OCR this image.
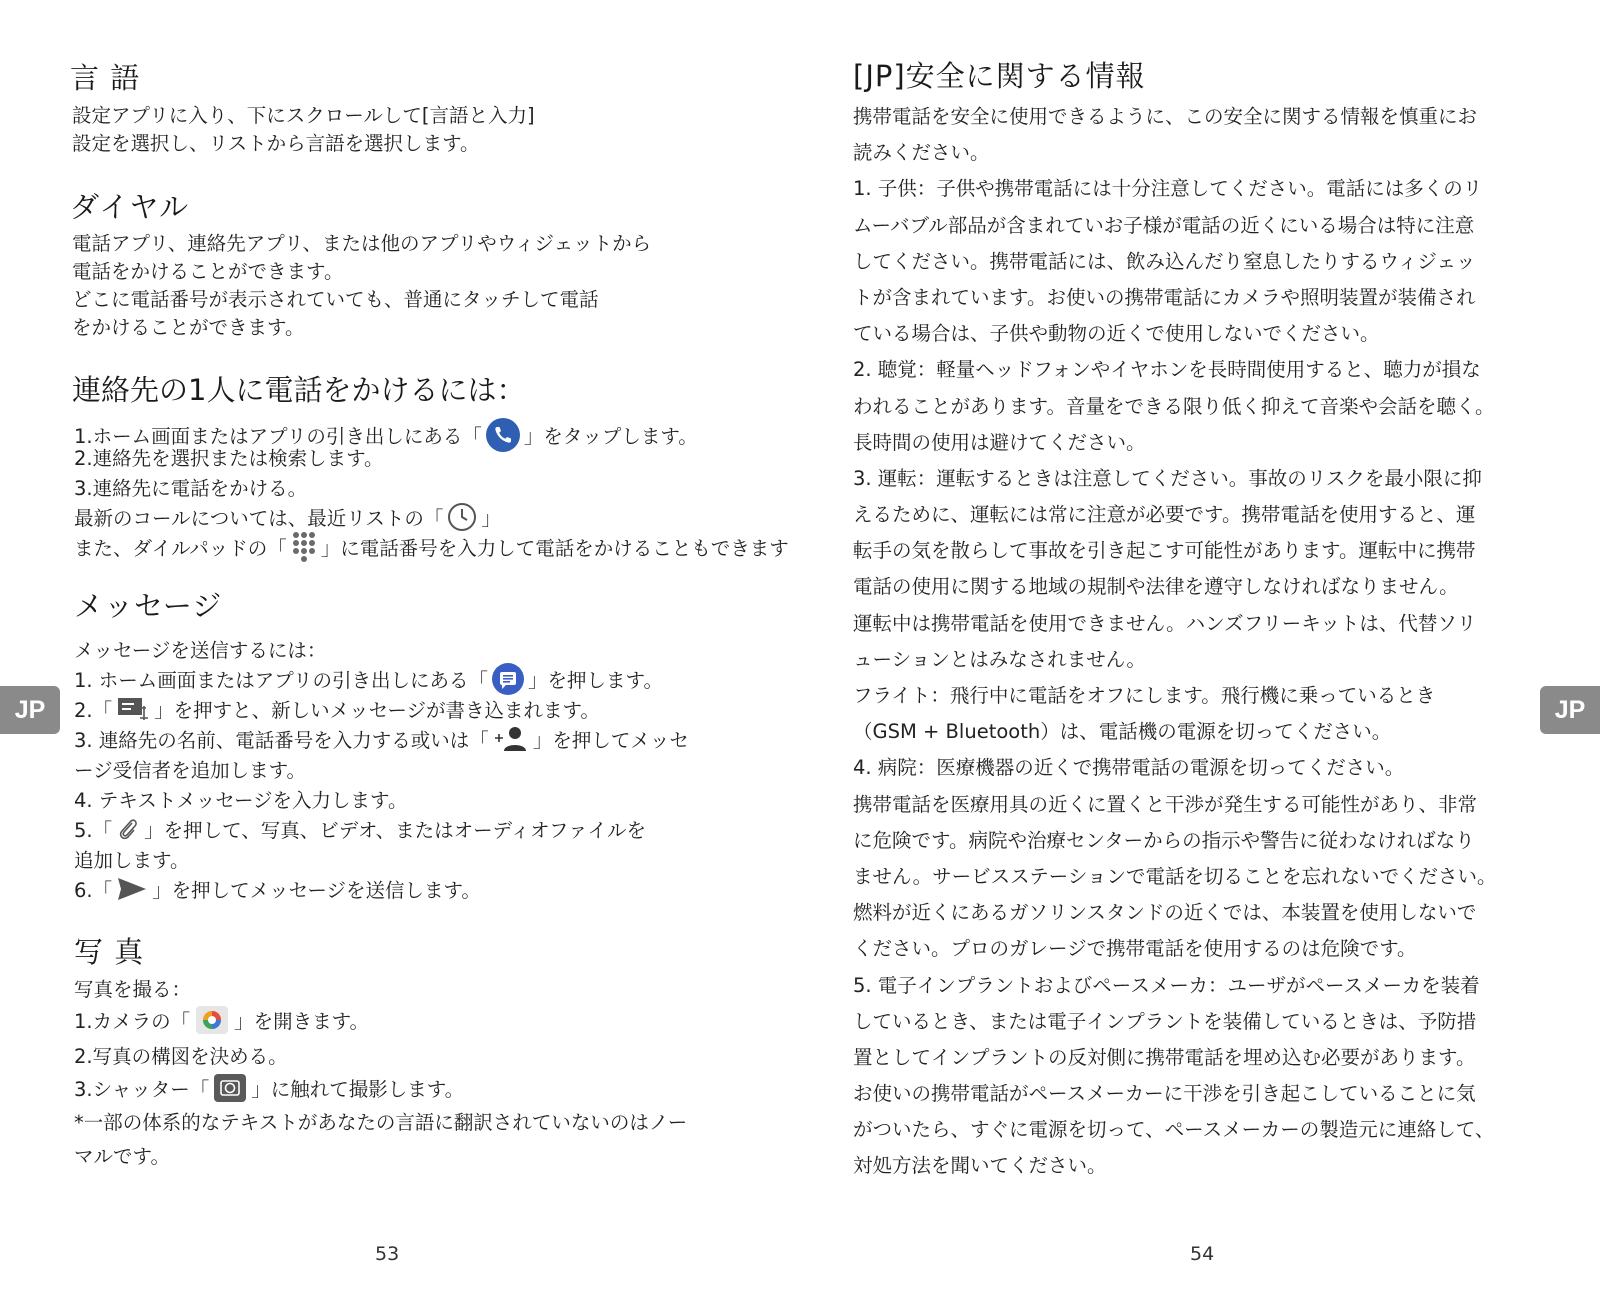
言 語
設定アプリに入り、下にスクロールして[言語と入力]
設定を選択し、リストから言語を選択します。
ダイヤル
電話アプリ、連絡先アプリ、または他のアプリやウィジェットから
電話をかけることができます。
どこに電話番号が表示されていても、普通にタッチして電話
をかけることができます。
連絡先の1人に電話をかけるには：
1.ホーム画面またはアプリの引き出しにある「 」をタップします。
2.連絡先を選択または検索します。
3.連絡先に電話をかける。
最新のコールについては、最近リストの「 」
また、ダイルパッドの「 」に電話番号を入力して電話をかけることもできます
メッセージ
メッセージを送信するには：
1. ホーム画面またはアプリの引き出しにある「 」を押します。
2.「 」を押すと、新しいメッセージが書き込まれます。
3. 連絡先の名前、電話番号を入力する或いは「 」を押してメッセ
ージ受信者を追加します。
4. テキストメッセージを入力します。
5.「 」を押して、写真、ビデオ、またはオーディオファイルを
追加します。
6.「 」を押してメッセージを送信します。
写 真
写真を撮る：
1.カメラの「 」を開きます。
2.写真の構図を決める。
3.シャッター「 」に触れて撮影します。
*一部の体系的なテキストがあなたの言語に翻訳されていないのはノー
マルです。
53
JP
[JP]安全に関する情報
携帯電話を安全に使用できるように、この安全に関する情報を慎重にお
読みください。
1. 子供：子供や携帯電話には十分注意してください。電話には多くのリ
ムーバブル部品が含まれていお子様が電話の近くにいる場合は特に注意
してください。携帯電話には、飲み込んだり窒息したりするウィジェッ
トが含まれています。お使いの携帯電話にカメラや照明装置が装備され
ている場合は、子供や動物の近くで使用しないでください。
2. 聴覚：軽量ヘッドフォンやイヤホンを長時間使用すると、聴力が損な
われることがあります。音量をできる限り低く抑えて音楽や会話を聴く。
長時間の使用は避けてください。
3. 運転：運転するときは注意してください。事故のリスクを最小限に抑
えるために、運転には常に注意が必要です。携帯電話を使用すると、運
転手の気を散らして事故を引き起こす可能性があります。運転中に携帯
電話の使用に関する地域の規制や法律を遵守しなければなりません。
運転中は携帯電話を使用できません。ハンズフリーキットは、代替ソリ
ューションとはみなされません。
フライト：飛行中に電話をオフにします。飛行機に乗っているとき
（GSM + Bluetooth）は、電話機の電源を切ってください。
4. 病院：医療機器の近くで携帯電話の電源を切ってください。
携帯電話を医療用具の近くに置くと干渉が発生する可能性があり、非常
に危険です。病院や治療センターからの指示や警告に従わなければなり
ません。サービスステーションで電話を切ることを忘れないでください。
燃料が近くにあるガソリンスタンドの近くでは、本装置を使用しないで
ください。プロのガレージで携帯電話を使用するのは危険です。
5. 電子インプラントおよびペースメーカ：ユーザがペースメーカを装着
しているとき、または電子インプラントを装備しているときは、予防措
置としてインプラントの反対側に携帯電話を埋め込む必要があります。
お使いの携帯電話がペースメーカーに干渉を引き起こしていることに気
がついたら、すぐに電源を切って、ペースメーカーの製造元に連絡して、
対処方法を聞いてください。
54
JP
